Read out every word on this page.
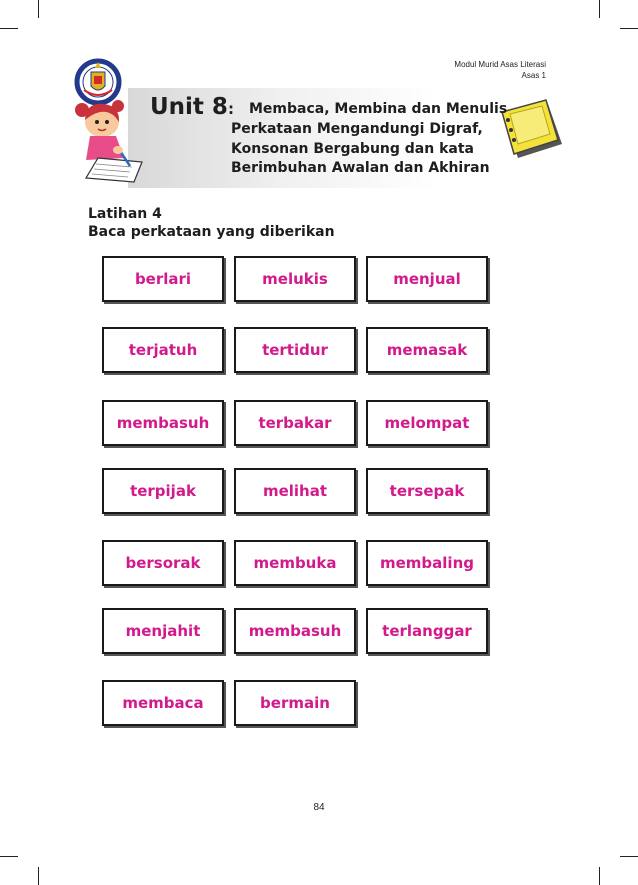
Modul Murid Asas Literasi
Asas 1
Unit 8: Membaca, Membina dan Menulis
Perkataan Mengandungi Digraf,
Konsonan Bergabung dan kata
Berimbuhan Awalan dan Akhiran
Latihan 4
Baca perkataan yang diberikan
berlari	melukis	menjual
terjatuh	tertidur	memasak
membasuh	terbakar	melompat
terpijak	melihat	tersepak
bersorak	membuka	membaling
menjahit	membasuh	terlanggar
membaca	bermain
84
